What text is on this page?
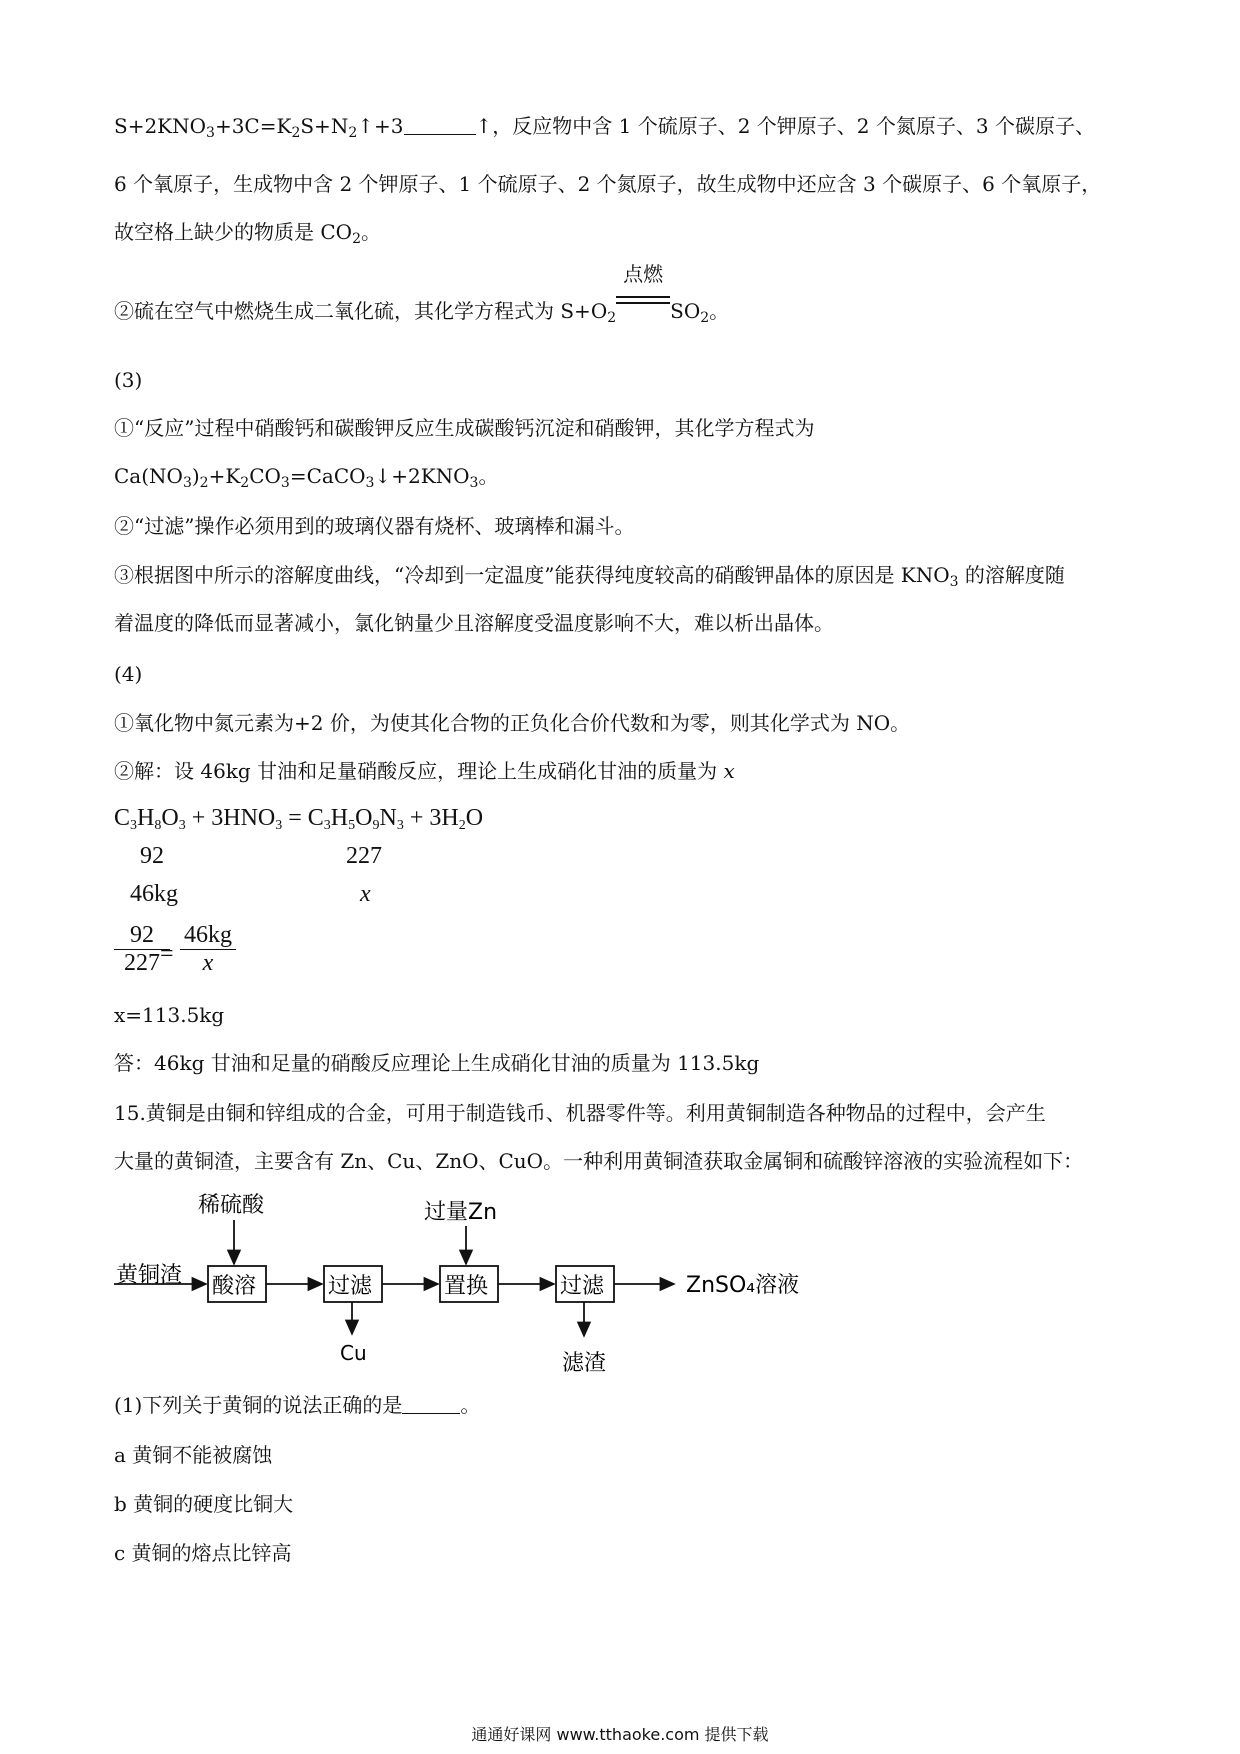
$S+2KNO_3+3C=K_2S+N_2↑+3$	↑，反应物中含 1 个硫原子、2 个钾原子、2 个氮原子、3 个碳原子、
6 个氧原子，生成物中含 2 个钾原子、1 个硫原子、2 个氮原子，故生成物中还应含 3 个碳原子、6 个氧原子，
故空格上缺少的物质是 $CO_2$。
②硫在空气中燃烧生成二氧化硫，其化学方程式为 $S+O_2$
点燃
$SO_2$。
(3)
①“反应”过程中硝酸钙和碳酸钾反应生成碳酸钙沉淀和硝酸钾，其化学方程式为
$Ca(NO_3)_2+K_2CO_3=CaCO_3↓+2KNO_3$。
②“过滤”操作必须用到的玻璃仪器有烧杯、玻璃棒和漏斗。
③根据图中所示的溶解度曲线，“冷却到一定温度”能获得纯度较高的硝酸钾晶体的原因是 $KNO_3$ 的溶解度随
着温度的降低而显著减小，氯化钠量少且溶解度受温度影响不大，难以析出晶体。
(4)
①氧化物中氮元素为+2 价，为使其化合物的正负化合价代数和为零，则其化学式为 NO。
②解：设 46kg 甘油和足量硝酸反应，理论上生成硝化甘油的质量为 x
$C_3H_8O_3 + 3HNO_3 = C_3H_5O_9N_3 + 3H_2O$
92	227
46kg	x
92
227 =
46kg
x
x=113.5kg
答：46kg 甘油和足量的硝酸反应理论上生成硝化甘油的质量为 113.5kg
15.黄铜是由铜和锌组成的合金，可用于制造钱币、机器零件等。利用黄铜制造各种物品的过程中，会产生
大量的黄铜渣，主要含有 Zn、Cu、ZnO、CuO。一种利用黄铜渣获取金属铜和硫酸锌溶液的实验流程如下：
稀硫酸	过量Zn
黄铜渣 酸溶	过滤	置换	过滤
Cu	滤渣
ZnSO₄溶液
(1)下列关于黄铜的说法正确的是	。
a 黄铜不能被腐蚀
b 黄铜的硬度比铜大
c 黄铜的熔点比锌高
通通好课网 www.tthaoke.com 提供下载
